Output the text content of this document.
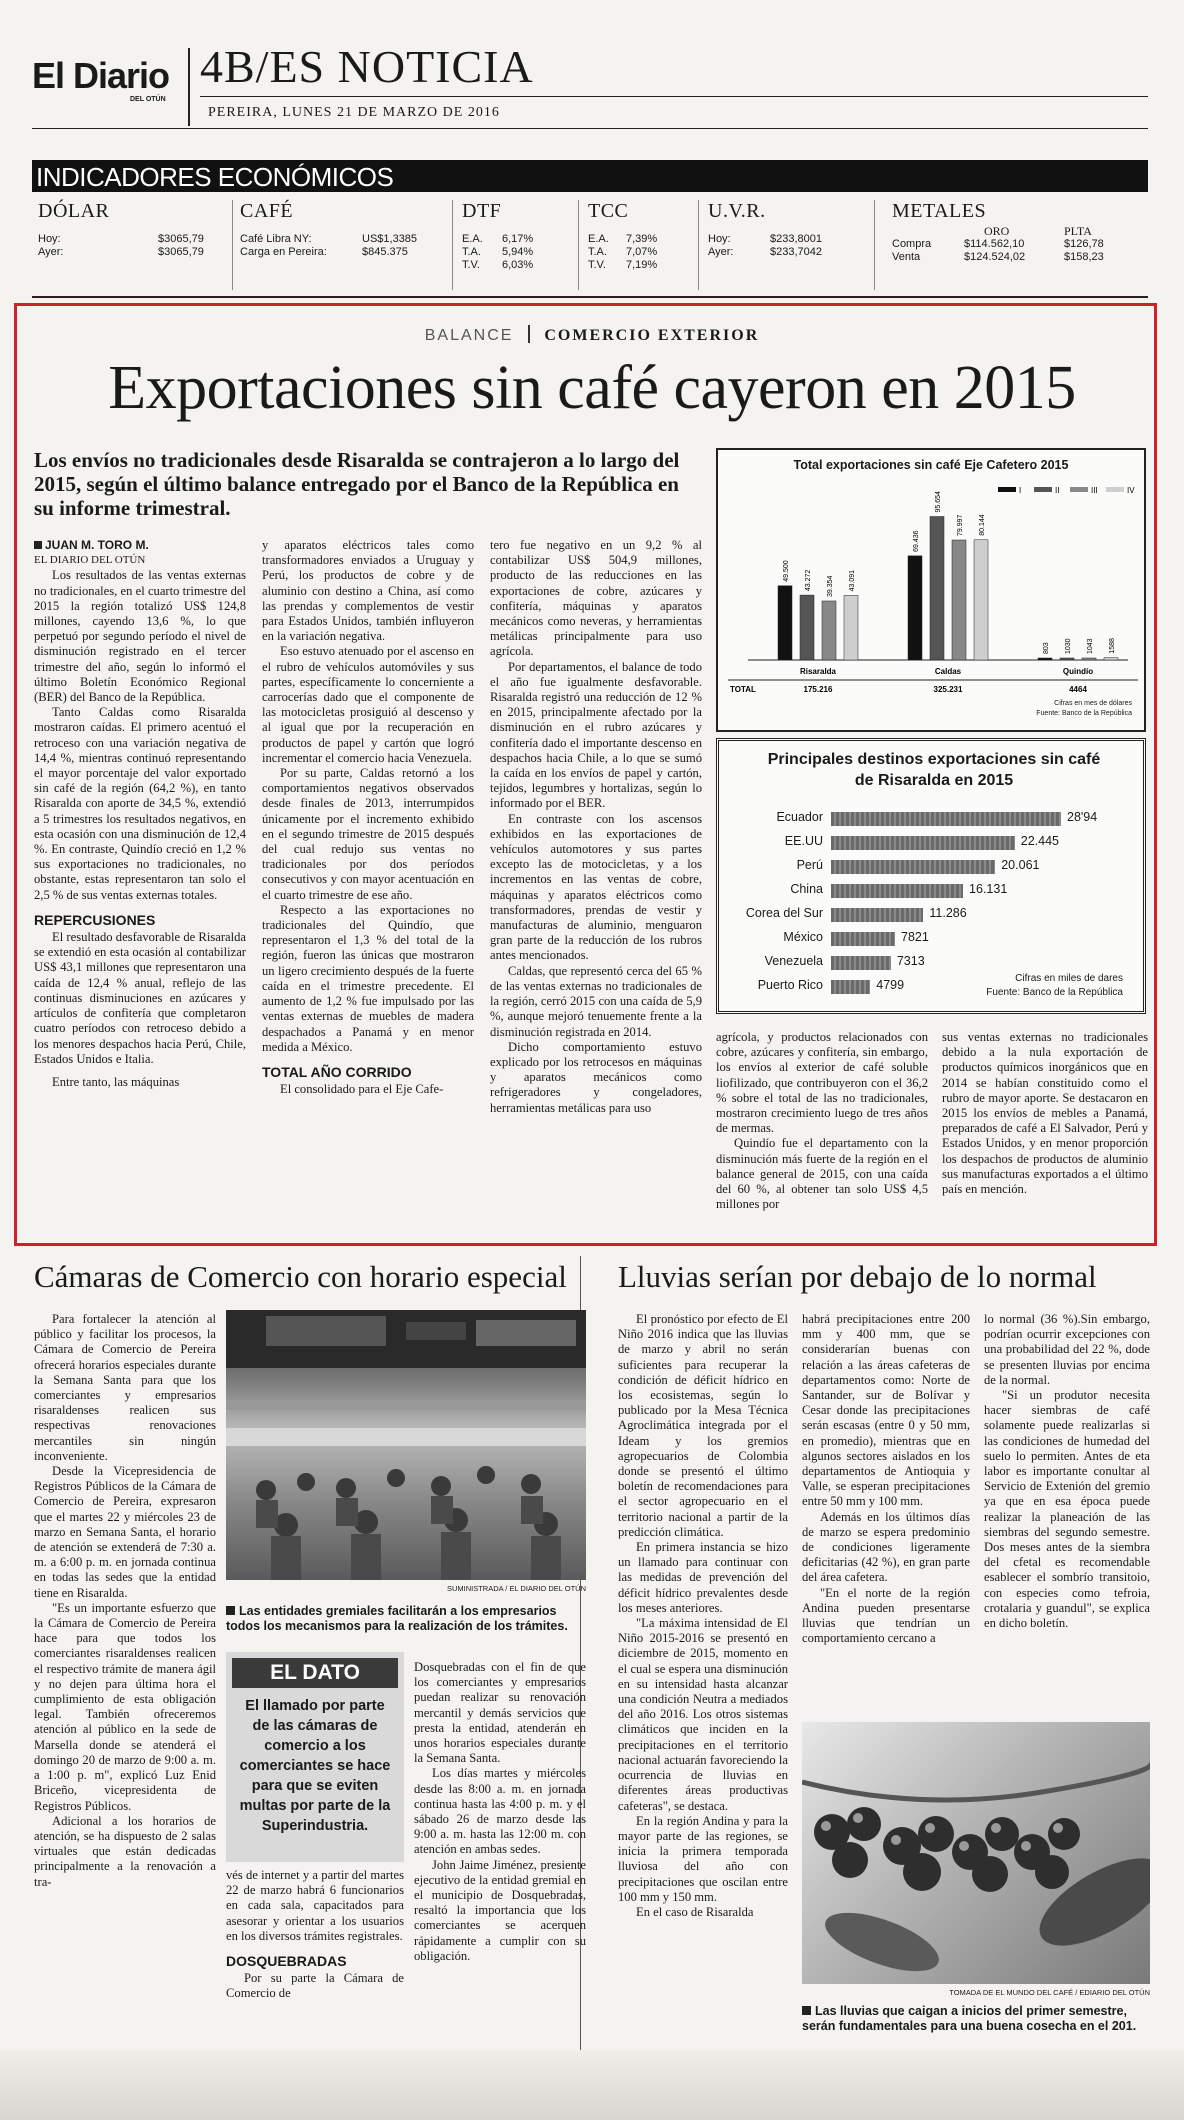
El Diario
DEL OTÚN
4B/ES NOTICIA
PEREIRA, LUNES 21 DE MARZO DE 2016
INDICADORES ECONÓMICOS
DÓLAR
Hoy:	$3065,79
Ayer:	$3065,79
CAFÉ
Café Libra NY:	US$1,3385
Carga en Pereira:	$845.375
DTF
E.A.	6,17%
T.A.	5,94%
T.V.	6,03%
TCC
E.A.	7,39%
T.A.	7,07%
T.V.	7,19%
U.V.R.
Hoy:	$233,8001
Ayer:	$233,7042
METALES
ORO	PLTA
Compra	$114.562,10	$126,78
Venta	$124.524,02	$158,23
BALANCE COMERCIO EXTERIOR
Exportaciones sin café cayeron en 2015
Los envíos no tradicionales desde Risaralda se contrajeron a lo largo del 2015, según el último balance entregado por el Banco de la República en su informe trimestral.
JUAN M. TORO M.
EL DIARIO DEL OTÚN

Los resultados de las ventas externas no tradicionales, en el cuarto trimestre del 2015 la región totalizó US$ 124,8 millones, cayendo 13,6 %, lo que perpetuó por segundo período el nivel de disminución registrado en el tercer trimestre del año, según lo informó el último Boletín Económico Regional (BER) del Banco de la República.

Tanto Caldas como Risaralda mostraron caídas. El primero acentuó el retroceso con una variación negativa de 14,4 %, mientras continuó representando el mayor porcentaje del valor exportado sin café de la región (64,2 %), en tanto Risaralda con aporte de 34,5 %, extendió a 5 trimestres los resultados negativos, en esta ocasión con una disminución de 12,4 %. En contraste, Quindío creció en 1,2 % sus exportaciones no tradicionales, no obstante, estas representaron tan solo el 2,5 % de sus ventas externas totales.

REPERCUSIONES

El resultado desfavorable de Risaralda se extendió en esta ocasión al contabilizar US$ 43,1 millones que representaron una caída de 12,4 % anual, reflejo de las continuas disminuciones en azúcares y artículos de confitería que completaron cuatro períodos con retroceso debido a los menores despachos hacia Perú, Chile, Estados Unidos e Italia.

Entre tanto, las máquinas

y aparatos eléctricos tales como transformadores enviados a Uruguay y Perú, los productos de cobre y de aluminio con destino a China, así como las prendas y complementos de vestir para Estados Unidos, también influyeron en la variación negativa.

Eso estuvo atenuado por el ascenso en el rubro de vehículos automóviles y sus partes, específicamente lo concerniente a carrocerías dado que el componente de las motocicletas prosiguió al descenso y al igual que por la recuperación en productos de papel y cartón que logró incrementar el comercio hacia Venezuela.

Por su parte, Caldas retornó a los comportamientos negativos observados desde finales de 2013, interrumpidos únicamente por el incremento exhibido en el segundo trimestre de 2015 después del cual redujo sus ventas no tradicionales por dos períodos consecutivos y con mayor acentuación en el cuarto trimestre de ese año.

Respecto a las exportaciones no tradicionales del Quindío, que representaron el 1,3 % del total de la región, fueron las únicas que mostraron un ligero crecimiento después de la fuerte caída en el trimestre precedente. El aumento de 1,2 % fue impulsado por las ventas externas de muebles de madera despachados a Panamá y en menor medida a México.

TOTAL AÑO CORRIDO

El consolidado para el Eje Cafe-

tero fue negativo en un 9,2 % al contabilizar US$ 504,9 millones, producto de las reducciones en las exportaciones de cobre, azúcares y confitería, máquinas y aparatos mecánicos como neveras, y herramientas metálicas principalmente para uso agrícola.

Por departamentos, el balance de todo el año fue igualmente desfavorable. Risaralda registró una reducción de 12 % en 2015, principalmente afectado por la disminución en el rubro azúcares y confitería dado el importante descenso en despachos hacia Chile, a lo que se sumó la caída en los envíos de papel y cartón, tejidos, legumbres y hortalizas, según lo informado por el BER.

En contraste con los ascensos exhibidos en las exportaciones de vehículos automotores y sus partes excepto las de motocicletas, y a los incrementos en las ventas de cobre, máquinas y aparatos eléctricos como transformadores, prendas de vestir y manufacturas de aluminio, menguaron gran parte de la reducción de los rubros antes mencionados.

Caldas, que representó cerca del 65 % de las ventas externas no tradicionales de la región, cerró 2015 con una caída de 5,9 %, aunque mejoró tenuemente frente a la disminución registrada en 2014.

Dicho comportamiento estuvo explicado por los retrocesos en máquinas y aparatos mecánicos como refrigeradores y congeladores, herramientas metálicas para uso

agrícola, y productos relacionados con cobre, azúcares y confitería, sin embargo, los envíos al exterior de café soluble liofilizado, que contribuyeron con el 36,2 % sobre el total de las no tradicionales, mostraron crecimiento luego de tres años de mermas.

Quindío fue el departamento con la disminución más fuerte de la región en el balance general de 2015, con una caída del 60 %, al obtener tan solo US$ 4,5 millones por

sus ventas externas no tradicionales debido a la nula exportación de productos químicos inorgánicos que en 2014 se habían constituido como el rubro de mayor aporte. Se destacaron en 2015 los envíos de mebles a Panamá, preparados de café a El Salvador, Perú y Estados Unidos, y en menor proporción los despachos de productos de aluminio sus manufacturas exportados a el último país en mención.

Total exportaciones sin café Eje Cafetero 2015
I	II	III	IV
49.500 43.272 39.354 43.091
Risaralda
175.216
69.436
95.654
79.997 80.144
Caldas
325.231
803 1030 1043 1588
Quindío
4464
TOTAL
Cifras en mes de dólares
Fuente: Banco de la República
Principales destinos exportaciones sin café de Risaralda en 2015
Ecuador	28'94
EE.UU	22.445
Perú	20.061
China	16.131
Corea del Sur	11.286
México	7821
Venezuela	7313
Puerto Rico	4799	Cifras en miles de dares
Fuente: Banco de la República
Cámaras de Comercio con horario especial

Para fortalecer la atención al público y facilitar los procesos, la Cámara de Comercio de Pereira ofrecerá horarios especiales durante la Semana Santa para que los comerciantes y empresarios risaraldenses realicen sus respectivas renovaciones mercantiles sin ningún inconveniente.

Desde la Vicepresidencia de Registros Públicos de la Cámara de Comercio de Pereira, expresaron que el martes 22 y miércoles 23 de marzo en Semana Santa, el horario de atención se extenderá de 7:30 a. m. a 6:00 p. m. en jornada continua en todas las sedes que la entidad tiene en Risaralda.

"Es un importante esfuerzo que la Cámara de Comercio de Pereira hace para que todos los comerciantes risaraldenses realicen el respectivo trámite de manera ágil y no dejen para última hora el cumplimiento de esta obligación legal. También ofreceremos atención al público en la sede de Marsella donde se atenderá el domingo 20 de marzo de 9:00 a. m. a 1:00 p. m", explicó Luz Enid Briceño, vicepresidenta de Registros Públicos.

Adicional a los horarios de atención, se ha dispuesto de 2 salas virtuales que están dedicadas principalmente a la renovación a tra-

SUMINISTRADA / EL DIARIO DEL OTÚN
Las entidades gremiales facilitarán a los empresarios todos los mecanismos para la realización de los trámites.
EL DATO
El llamado por parte de las cámaras de comercio a los comerciantes se hace para que se eviten multas por parte de la Superindustria.

vés de internet y a partir del martes 22 de marzo habrá 6 funcionarios en cada sala, capacitados para asesorar y orientar a los usuarios en los diversos trámites registrales.

DOSQUEBRADAS

Por su parte la Cámara de Comercio de

Dosquebradas con el fin de que los comerciantes y empresarios puedan realizar su renovación mercantil y demás servicios que presta la entidad, atenderán en unos horarios especiales durante la Semana Santa.

Los días martes y miércoles desde las 8:00 a. m. en jornada continua hasta las 4:00 p. m. y el sábado 26 de marzo desde las 9:00 a. m. hasta las 12:00 m. con atención en ambas sedes.

John Jaime Jiménez, presiente ejecutivo de la entidad gremial en el municipio de Dosquebradas, resaltó la importancia que los comerciantes se acerquen rápidamente a cumplir con su obligación.

Lluvias serían por debajo de lo normal

El pronóstico por efecto de El Niño 2016 indica que las lluvias de marzo y abril no serán suficientes para recuperar la condición de déficit hídrico en los ecosistemas, según lo publicado por la Mesa Técnica Agroclimática integrada por el Ideam y los gremios agropecuarios de Colombia donde se presentó el último boletín de recomendaciones para el sector agropecuario en el territorio nacional a partir de la predicción climática.

En primera instancia se hizo un llamado para continuar con las medidas de prevención del déficit hídrico prevalentes desde los meses anteriores.

"La máxima intensidad de El Niño 2015-2016 se presentó en diciembre de 2015, momento en el cual se espera una disminución en su intensidad hasta alcanzar una condición Neutra a mediados del año 2016. Los otros sistemas climáticos que inciden en la precipitaciones en el territorio nacional actuarán favoreciendo la ocurrencia de lluvias en diferentes áreas productivas cafeteras", se destaca.

En la región Andina y para la mayor parte de las regiones, se inicia la primera temporada lluviosa del año con precipitaciones que oscilan entre 100 mm y 150 mm.

En el caso de Risaralda

habrá precipitaciones entre 200 mm y 400 mm, que se considerarían buenas con relación a las áreas cafeteras de departamentos como: Norte de Santander, sur de Bolívar y Cesar donde las precipitaciones serán escasas (entre 0 y 50 mm, en promedio), mientras que en algunos sectores aislados en los departamentos de Antioquia y Valle, se esperan precipitaciones entre 50 mm y 100 mm.

Además en los últimos días de marzo se espera predominio de condiciones ligeramente deficitarias (42 %), en gran parte del área cafetera.

"En el norte de la región Andina pueden presentarse lluvias que tendrían un comportamiento cercano a

lo normal (36 %).Sin embargo, podrían ocurrir excepciones con una probabilidad del 22 %, dode se presenten lluvias por encima de la normal.

"Si un produtor necesita hacer siembras de café solamente puede realizarlas si las condiciones de humedad del suelo lo permiten. Antes de eta labor es importante conultar al Servicio de Extenión del gremio ya que en esa época puede realizar la planeación de las siembras del segundo semestre. Dos meses antes de la siembra del cfetal es recomendable esablecer el sombrío transitoio, con especies como tefroia, crotalaria y guandul", se explica en dicho boletín.

TOMADA DE EL MUNDO DEL CAFÉ / EDIARIO DEL OTÚN
Las lluvias que caigan a inicios del primer semestre, serán fundamentales para una buena cosecha en el 201.
